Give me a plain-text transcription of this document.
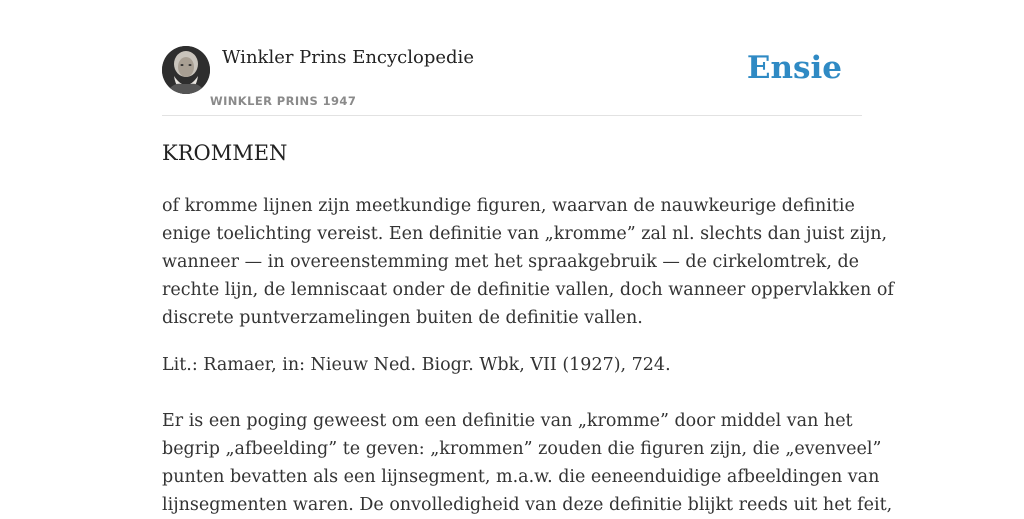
Winkler Prins Encyclopedie
WINKLER PRINS 1947
Ensie
KROMMEN

of kromme lijnen zijn meetkundige figuren, waarvan de nauwkeurige definitie
enige toelichting vereist. Een definitie van „kromme” zal nl. slechts dan juist zijn,
wanneer — in overeenstemming met het spraakgebruik — de cirkelomtrek, de
rechte lijn, de lemniscaat onder de definitie vallen, doch wanneer oppervlakken of
discrete puntverzamelingen buiten de definitie vallen.

Lit.: Ramaer, in: Nieuw Ned. Biogr. Wbk, VII (1927), 724.

Er is een poging geweest om een definitie van „kromme” door middel van het
begrip „afbeelding” te geven: „krommen” zouden die figuren zijn, die „evenveel”
punten bevatten als een lijnsegment, m.a.w. die eeneenduidige afbeeldingen van
lijnsegmenten waren. De onvolledigheid van deze definitie blijkt reeds uit het feit,
